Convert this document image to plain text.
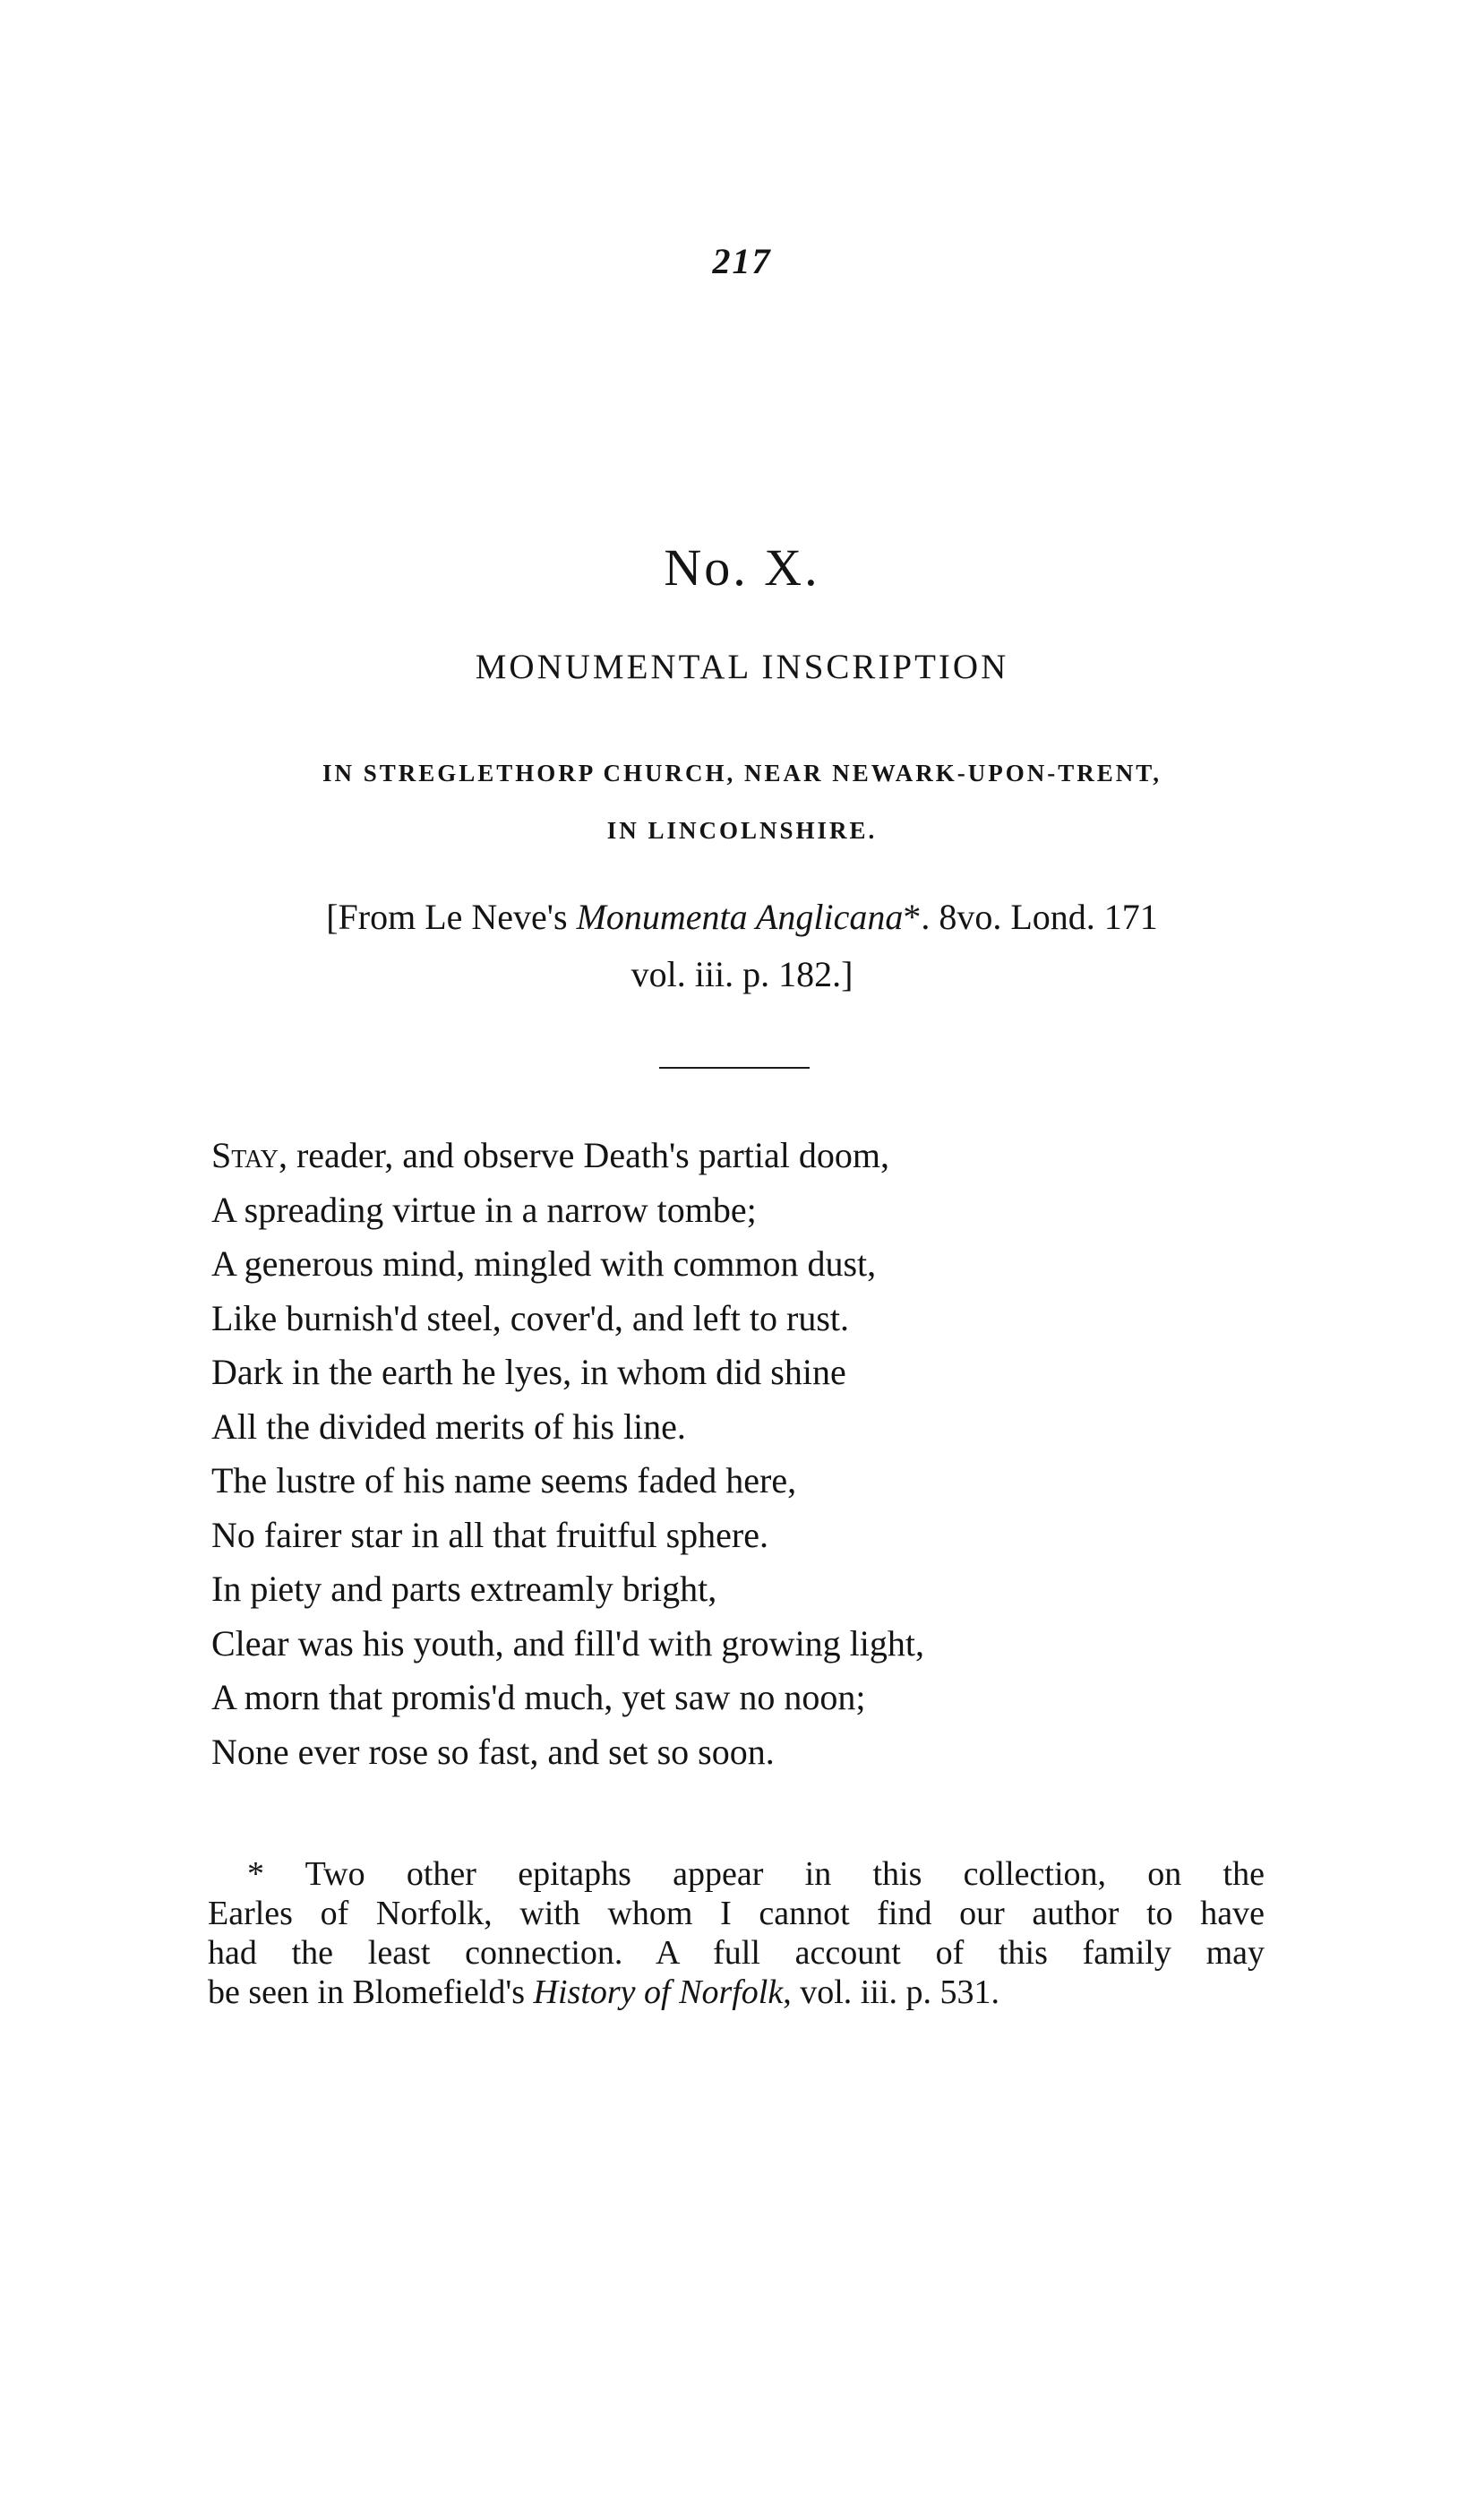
217
No. X.
MONUMENTAL INSCRIPTION
IN STREGLETHORP CHURCH, NEAR NEWARK-UPON-TRENT,
IN LINCOLNSHIRE.
[From Le Neve's Monumenta Anglicana*. 8vo. Lond. 171
vol. iii. p. 182.]
Stay, reader, and observe Death's partial doom,
A spreading virtue in a narrow tombe;
A generous mind, mingled with common dust,
Like burnish'd steel, cover'd, and left to rust.
Dark in the earth he lyes, in whom did shine
All the divided merits of his line.
The lustre of his name seems faded here,
No fairer star in all that fruitful sphere.
In piety and parts extreamly bright,
Clear was his youth, and fill'd with growing light,
A morn that promis'd much, yet saw no noon;
None ever rose so fast, and set so soon.
* Two other epitaphs appear in this collection, on the
Earles of Norfolk, with whom I cannot find our author to have
had the least connection. A full account of this family may
be seen in Blomefield's History of Norfolk, vol. iii. p. 531.
